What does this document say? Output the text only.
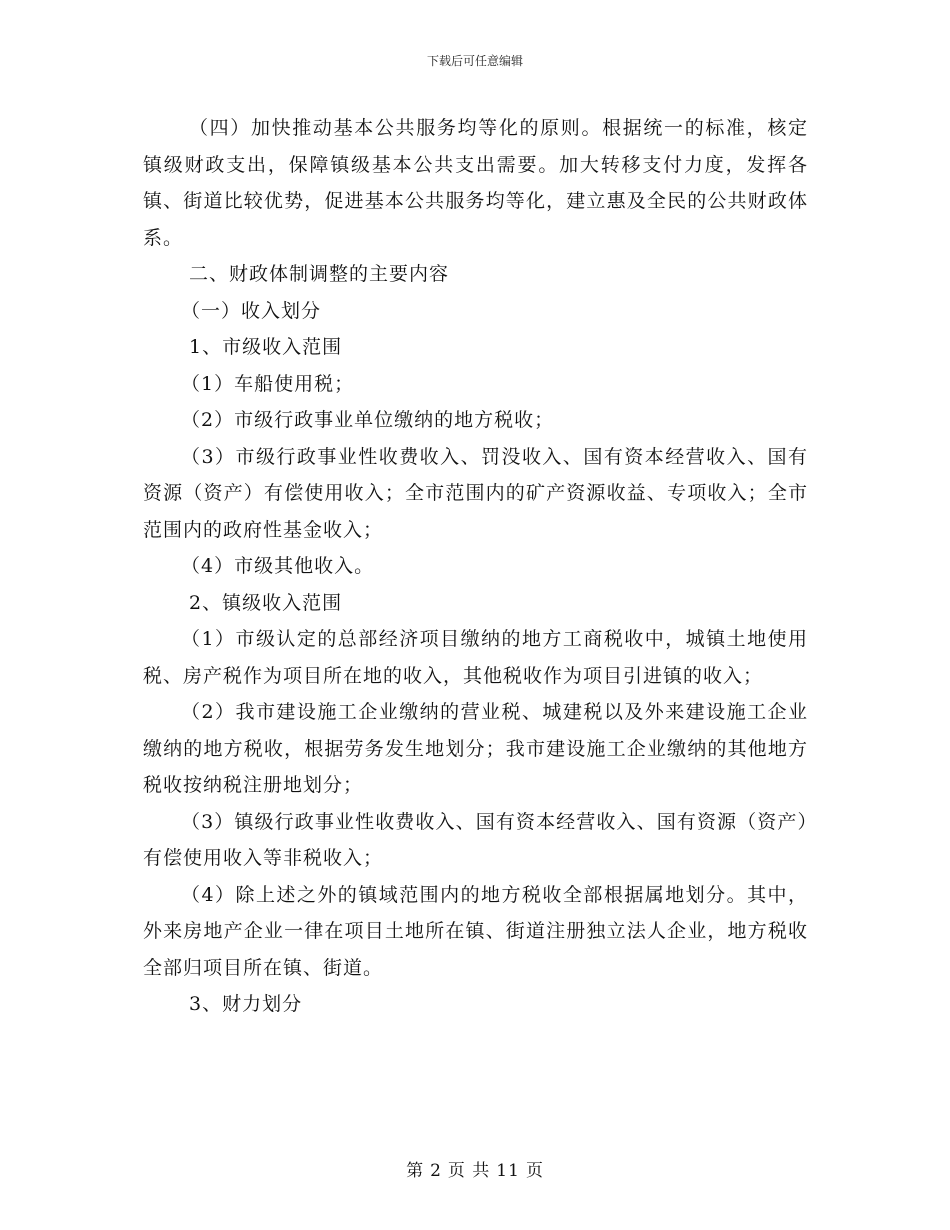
下载后可任意编辑

（四）加快推动基本公共服务均等化的原则。根据统一的标准，核定镇级财政支出，保障镇级基本公共支出需要。加大转移支付力度，发挥各镇、街道比较优势，促进基本公共服务均等化，建立惠及全民的公共财政体系。

二、财政体制调整的主要内容

（一）收入划分

1、市级收入范围

（1）车船使用税；

（2）市级行政事业单位缴纳的地方税收；

（3）市级行政事业性收费收入、罚没收入、国有资本经营收入、国有资源（资产）有偿使用收入；全市范围内的矿产资源收益、专项收入；全市范围内的政府性基金收入；

（4）市级其他收入。

2、镇级收入范围

（1）市级认定的总部经济项目缴纳的地方工商税收中，城镇土地使用税、房产税作为项目所在地的收入，其他税收作为项目引进镇的收入；

（2）我市建设施工企业缴纳的营业税、城建税以及外来建设施工企业缴纳的地方税收，根据劳务发生地划分；我市建设施工企业缴纳的其他地方税收按纳税注册地划分；

（3）镇级行政事业性收费收入、国有资本经营收入、国有资源（资产）有偿使用收入等非税收入；

（4）除上述之外的镇域范围内的地方税收全部根据属地划分。其中，外来房地产企业一律在项目土地所在镇、街道注册独立法人企业，地方税收全部归项目所在镇、街道。

3、财力划分

第 2 页 共 11 页
